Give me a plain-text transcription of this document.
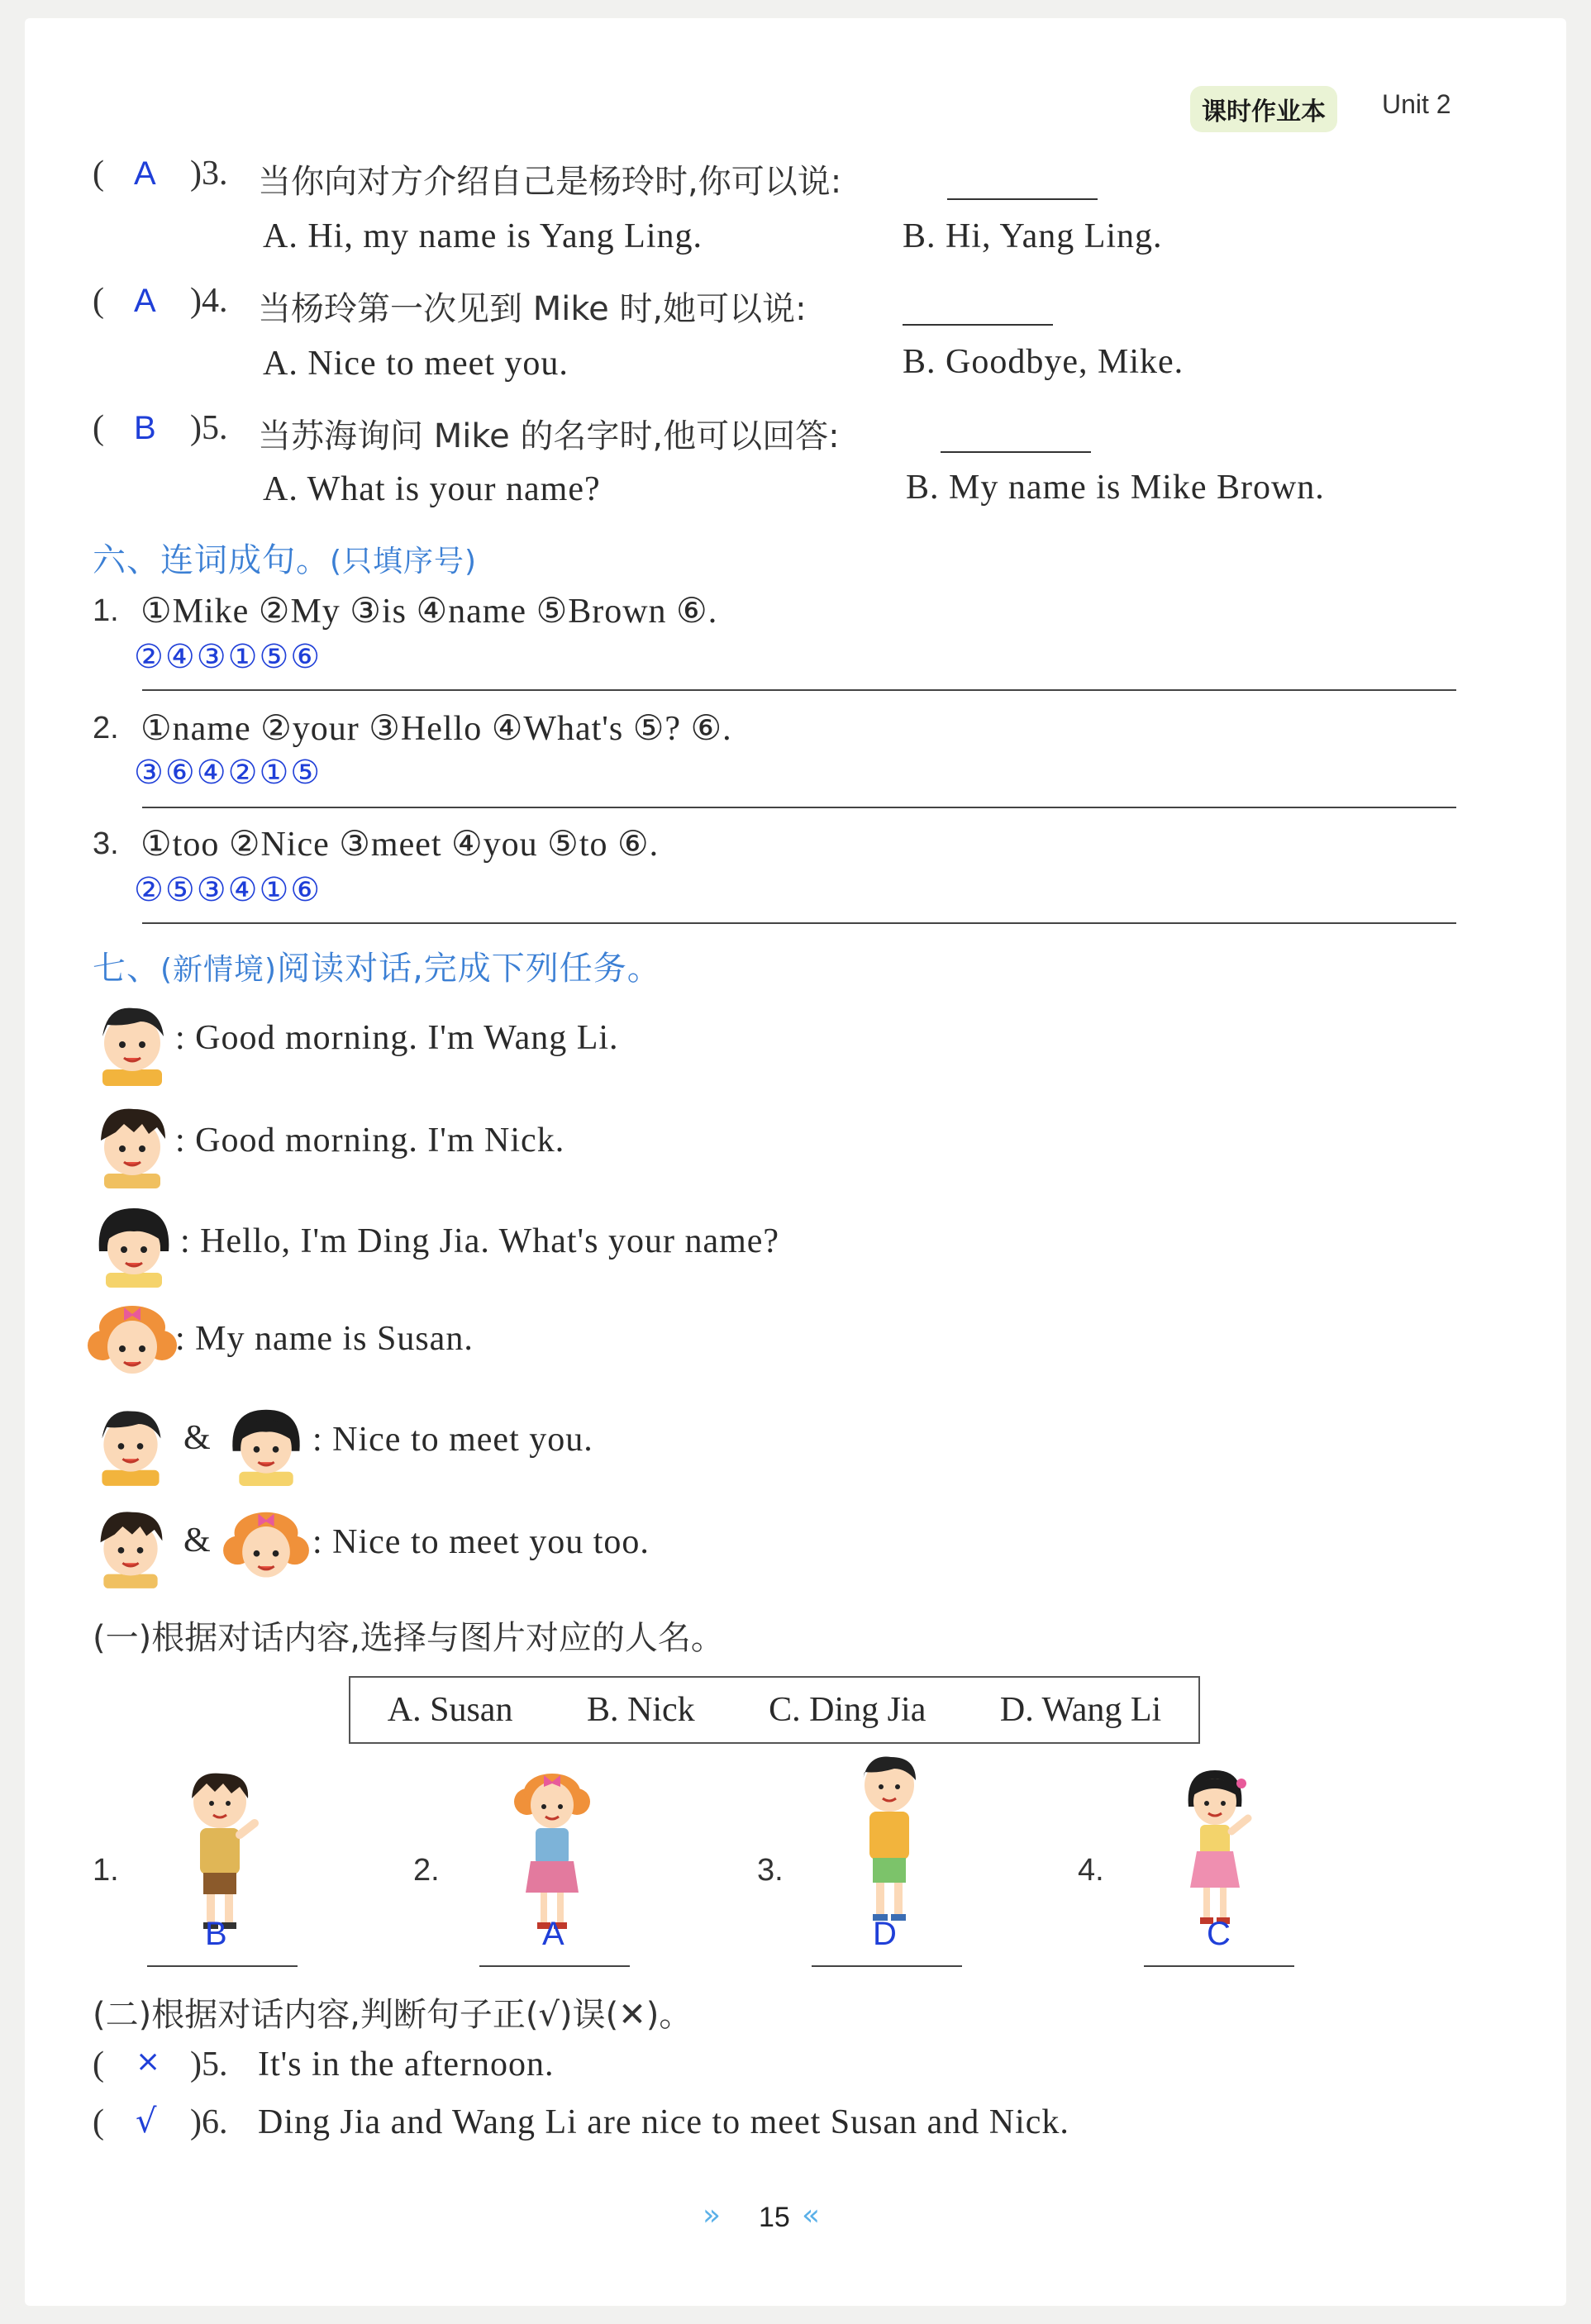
课时作业本	Unit 2
( A )3. 当你向对方介绍自己是杨玲时,你可以说:
A. Hi, my name is Yang Ling.	B. Hi, Yang Ling.
( A )4. 当杨玲第一次见到 Mike 时,她可以说:
A. Nice to meet you.	B. Goodbye, Mike.
( B )5. 当苏海询问 Mike 的名字时,他可以回答:
A. What is your name?	B. My name is Mike Brown.
六、连词成句。(只填序号)
1. ①Mike ②My ③is ④name ⑤Brown ⑥.
②④③①⑤⑥
2. ①name ②your ③Hello ④What's ⑤? ⑥.
③⑥④②①⑤
3. ①too ②Nice ③meet ④you ⑤to ⑥.
②⑤③④①⑥
七、(新情境)阅读对话,完成下列任务。
: Good morning. I'm Wang Li.
: Good morning. I'm Nick.
: Hello, I'm Ding Jia. What's your name?
: My name is Susan.
&	: Nice to meet you.
&	: Nice to meet you too.
(一)根据对话内容,选择与图片对应的人名。
A. Susan B. Nick C. Ding Jia D. Wang Li
1.
B
2.
A
3.
D
4.
C
(二)根据对话内容,判断句子正(√)误(✕)。
( × )5. It's in the afternoon.
( √ )6. Ding Jia and Wang Li are nice to meet Susan and Nick.
» 15 «
